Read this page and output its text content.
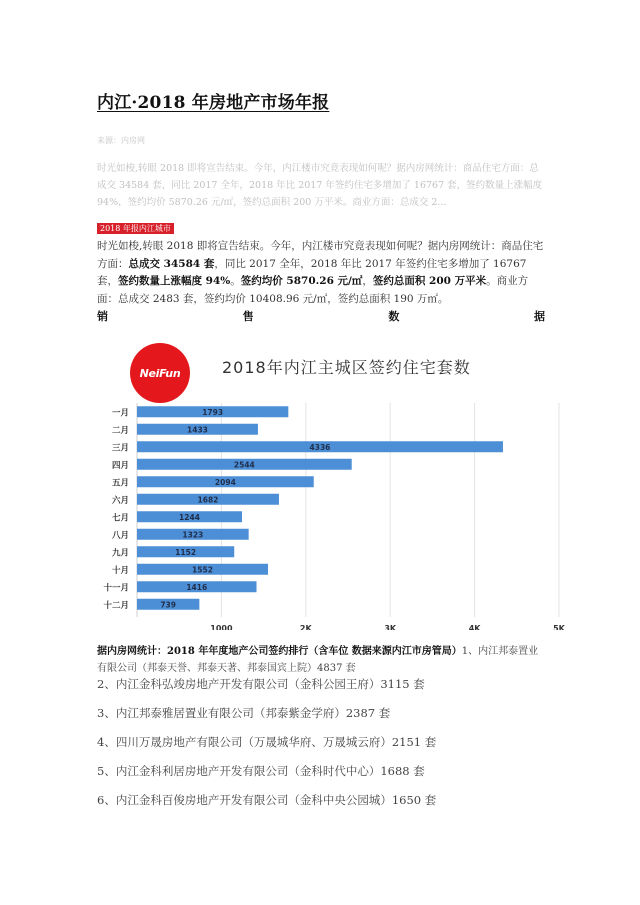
内江·2018 年房地产市场年报
来源：内房网
时光如梭,转眼 2018 即将宣告结束。今年，内江楼市究竟表现如何呢？据内房网统计：商品住宅方面：总成交 34584 套，同比 2017 全年，2018 年比 2017 年签约住宅多增加了 16767 套，签约数量上涨幅度 94%，签约均价 5870.26 元/㎡，签约总面积 200 万平米。商业方面：总成交 2...
2018 年报内江城市
时光如梭,转眼 2018 即将宣告结束。今年，内江楼市究竟表现如何呢？据内房网统计：商品住宅方面：总成交 34584 套，同比 2017 全年，2018 年比 2017 年签约住宅多增加了 16767 套，签约数量上涨幅度 94%。签约均价 5870.26 元/㎡，签约总面积 200 万平米。商业方面：总成交 2483 套，签约均价 10408.96 元/㎡，签约总面积 190 万㎡。
销	售	数	据
NeiFun	2018年内江主城区签约住宅套数
一月	1793
二月	1433
三月	4336
四月	2544
五月	2094
六月	1682
七月	1244
八月	1323
九月	1152
十月	1552
十一月	1416
十二月	739
1000	2K	3K	4K	5K
据内房网统计：2018 年年度地产公司签约排行（含车位 数据来源内江市房管局）1、内江邦泰置业有限公司（邦泰天誉、邦泰天著、邦泰国宾上院）4837 套
2、内江金科弘竣房地产开发有限公司（金科公园王府）3115 套
3、内江邦泰雅居置业有限公司（邦泰紫金学府）2387 套
4、四川万晟房地产有限公司（万晟城华府、万晟城云府）2151 套
5、内江金科利居房地产开发有限公司（金科时代中心）1688 套
6、内江金科百俊房地产开发有限公司（金科中央公园城）1650 套
